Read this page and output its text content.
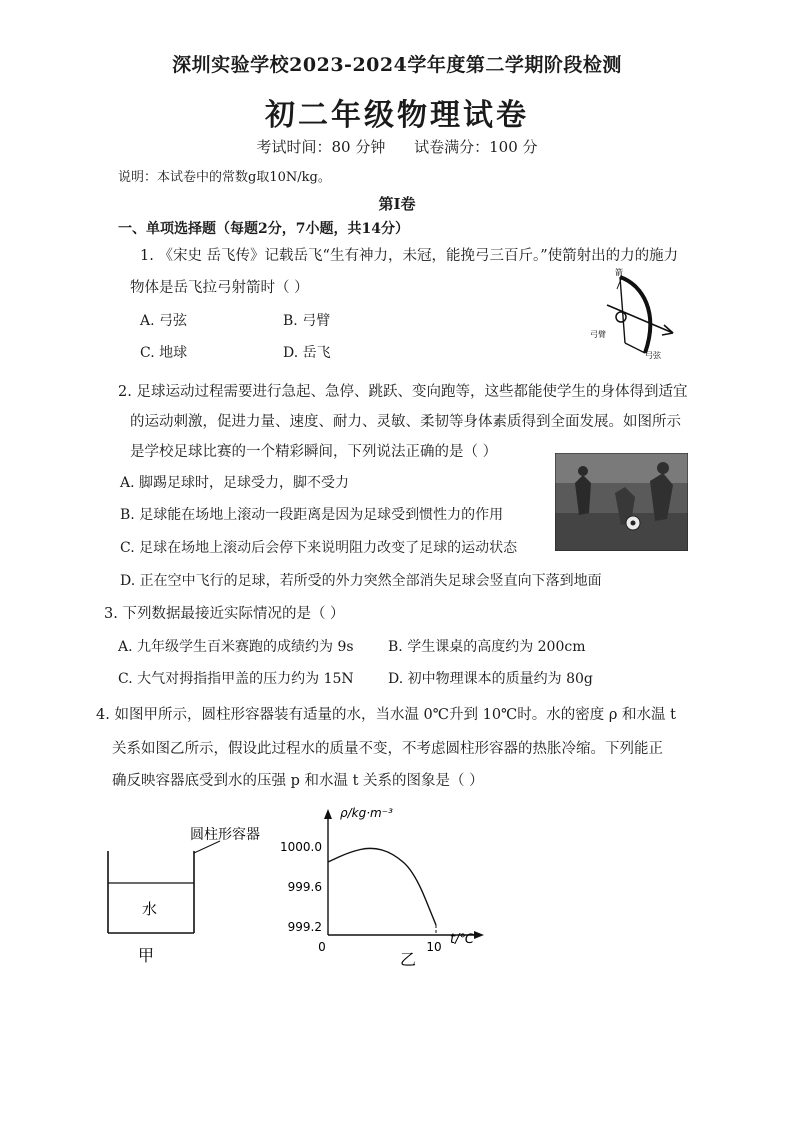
深圳实验学校2023-2024学年度第二学期阶段检测
初二年级物理试卷
考试时间：80 分钟 试卷满分：100 分
说明：本试卷中的常数g取10N/kg。
第Ⅰ卷
一、单项选择题（每题2分，7小题，共14分）
1. 《宋史 岳飞传》记载岳飞“生有神力，未冠，能挽弓三百斤。”使箭射出的力的施力
物体是岳飞拉弓射箭时（ ）
A. 弓弦	B. 弓臂
C. 地球	D. 岳飞
箭
弓臂
弓弦
2. 足球运动过程需要进行急起、急停、跳跃、变向跑等，这些都能使学生的身体得到适宜
的运动刺激，促进力量、速度、耐力、灵敏、柔韧等身体素质得到全面发展。如图所示
是学校足球比赛的一个精彩瞬间，下列说法正确的是（ ）
A. 脚踢足球时，足球受力，脚不受力
B. 足球能在场地上滚动一段距离是因为足球受到惯性力的作用
C. 足球在场地上滚动后会停下来说明阻力改变了足球的运动状态
D. 正在空中飞行的足球，若所受的外力突然全部消失足球会竖直向下落到地面
3. 下列数据最接近实际情况的是（ ）
A. 九年级学生百米赛跑的成绩约为 9s B. 学生课桌的高度约为 200cm
C. 大气对拇指指甲盖的压力约为 15N D. 初中物理课本的质量约为 80g
4. 如图甲所示，圆柱形容器装有适量的水，当水温 0℃升到 10℃时。水的密度 ρ 和水温 t
关系如图乙所示，假设此过程水的质量不变，不考虑圆柱形容器的热胀冷缩。下列能正
确反映容器底受到水的压强 p 和水温 t 关系的图象是（ ）
圆柱形容器
水
甲
ρ/kg·m⁻³
t/℃
1000.0
999.6
999.2
0	10
乙
